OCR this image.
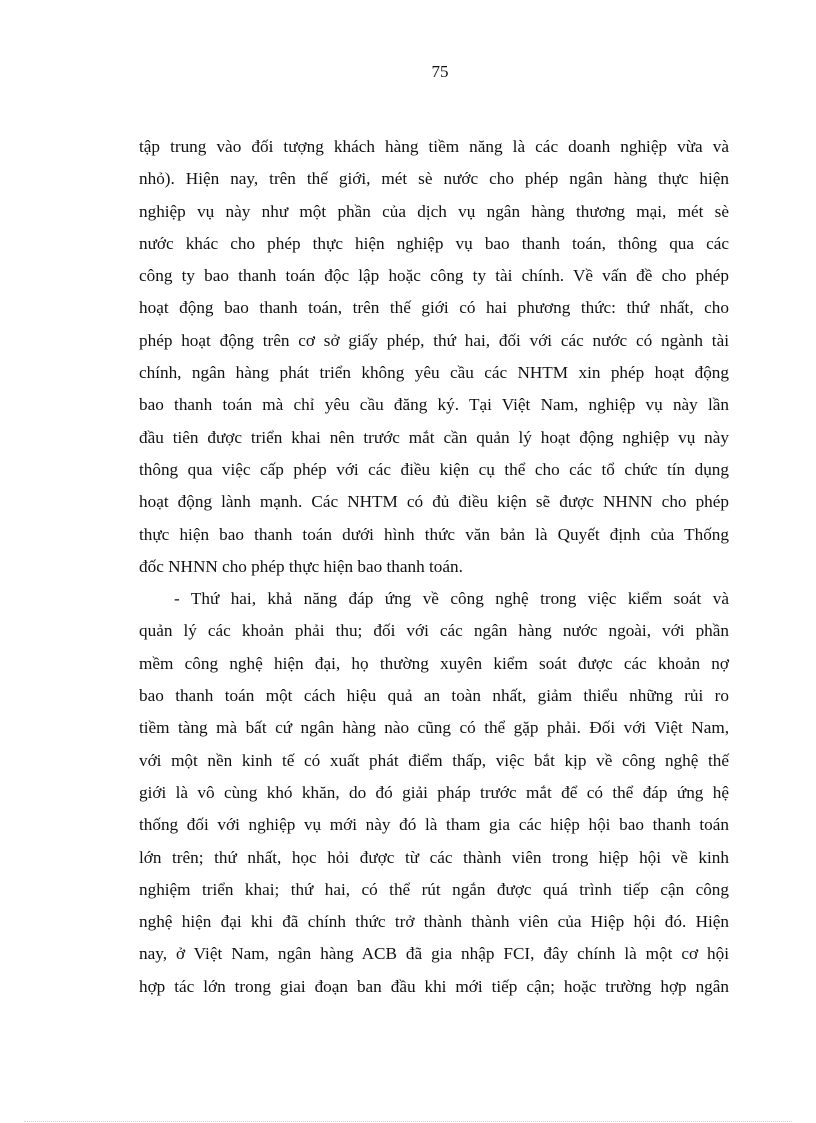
75
tập trung vào đối tượng khách hàng tiềm năng là các doanh nghiệp vừa và
nhỏ). Hiện nay, trên thế giới, mét sè nước cho phép ngân hàng thực hiện
nghiệp vụ này như một phần của dịch vụ ngân hàng thương mại, mét sè
nước khác cho phép thực hiện nghiệp vụ bao thanh toán, thông qua các
công ty bao thanh toán độc lập hoặc công ty tài chính. Về vấn đề cho phép
hoạt động bao thanh toán, trên thế giới có hai phương thức: thứ nhất, cho
phép hoạt động trên cơ sở giấy phép, thứ hai, đối với các nước có ngành tài
chính, ngân hàng phát triển không yêu cầu các NHTM xin phép hoạt động
bao thanh toán mà chỉ yêu cầu đăng ký. Tại Việt Nam, nghiệp vụ này lần
đầu tiên được triển khai nên trước mắt cần quản lý hoạt động nghiệp vụ này
thông qua việc cấp phép với các điều kiện cụ thể cho các tổ chức tín dụng
hoạt động lành mạnh. Các NHTM có đủ điều kiện sẽ được NHNN cho phép
thực hiện bao thanh toán dưới hình thức văn bản là Quyết định của Thống
đốc NHNN cho phép thực hiện bao thanh toán.
- Thứ hai, khả năng đáp ứng về công nghệ trong việc kiểm soát và
quản lý các khoản phải thu; đối với các ngân hàng nước ngoài, với phần
mềm công nghệ hiện đại, họ thường xuyên kiểm soát được các khoản nợ
bao thanh toán một cách hiệu quả an toàn nhất, giảm thiểu những rủi ro
tiềm tàng mà bất cứ ngân hàng nào cũng có thể gặp phải. Đối với Việt Nam,
với một nền kinh tế có xuất phát điểm thấp, việc bắt kịp về công nghệ thế
giới là vô cùng khó khăn, do đó giải pháp trước mắt để có thể đáp ứng hệ
thống đối với nghiệp vụ mới này đó là tham gia các hiệp hội bao thanh toán
lớn trên; thứ nhất, học hỏi được từ các thành viên trong hiệp hội về kinh
nghiệm triển khai; thứ hai, có thể rút ngắn được quá trình tiếp cận công
nghệ hiện đại khi đã chính thức trở thành thành viên của Hiệp hội đó. Hiện
nay, ở Việt Nam, ngân hàng ACB đã gia nhập FCI, đây chính là một cơ hội
hợp tác lớn trong giai đoạn ban đầu khi mới tiếp cận; hoặc trường hợp ngân
